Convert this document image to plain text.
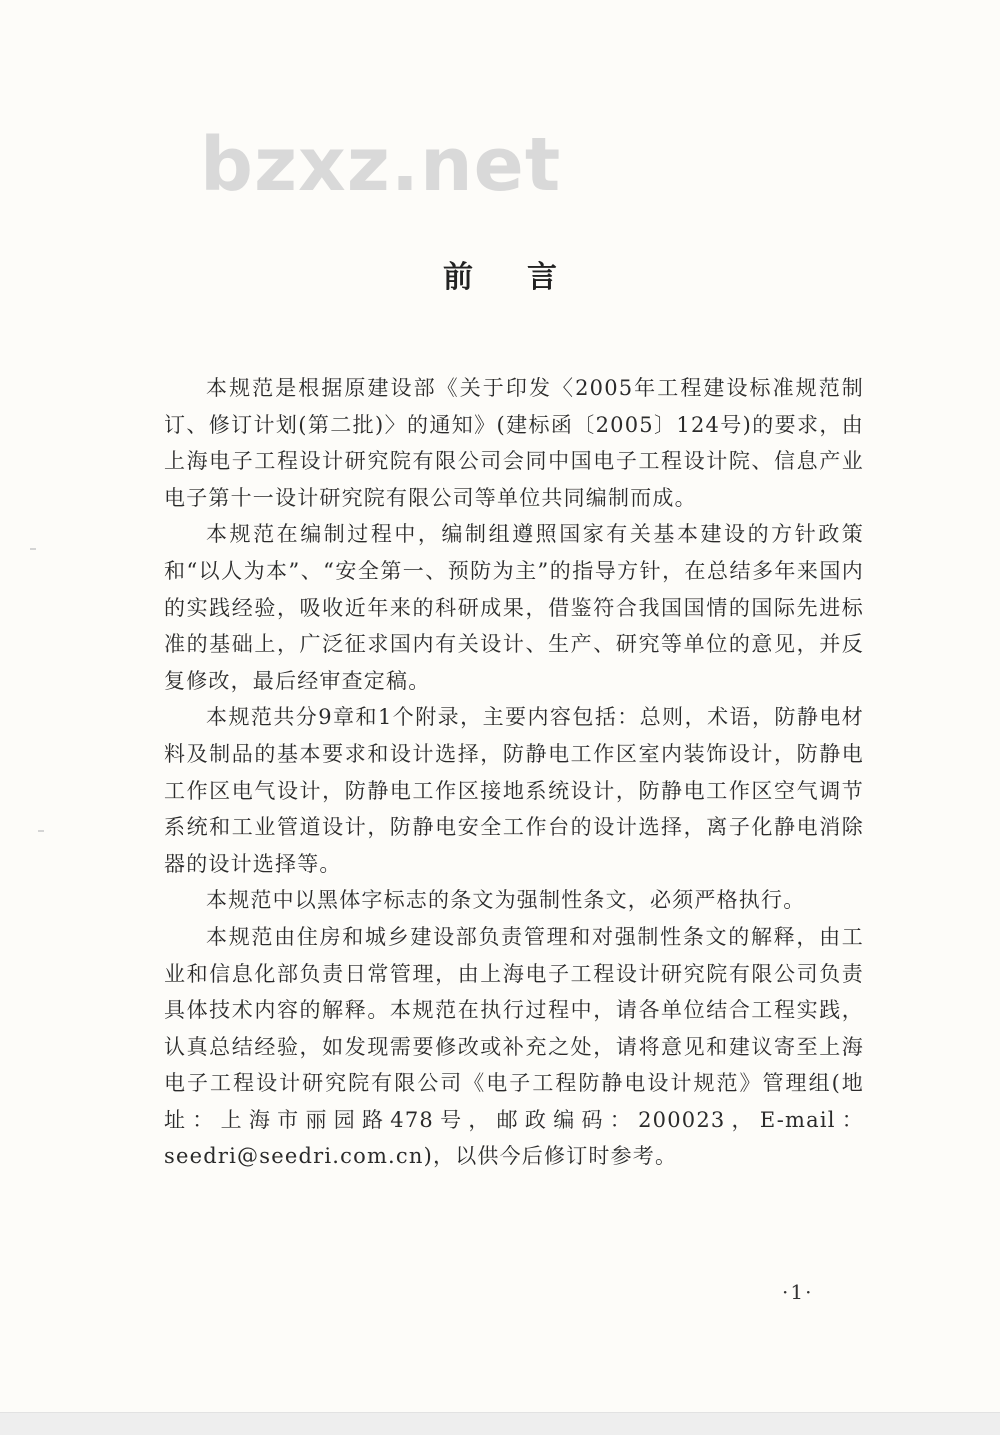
bzxz.net
前言

本规范是根据原建设部《关于印发〈2005年工程建设标准规范制订、修订计划(第二批)〉的通知》(建标函〔2005〕124号)的要求，由上海电子工程设计研究院有限公司会同中国电子工程设计院、信息产业电子第十一设计研究院有限公司等单位共同编制而成。

本规范在编制过程中，编制组遵照国家有关基本建设的方针政策和“以人为本”、“安全第一、预防为主”的指导方针，在总结多年来国内的实践经验，吸收近年来的科研成果，借鉴符合我国国情的国际先进标准的基础上，广泛征求国内有关设计、生产、研究等单位的意见，并反复修改，最后经审查定稿。

本规范共分9章和1个附录，主要内容包括：总则，术语，防静电材料及制品的基本要求和设计选择，防静电工作区室内装饰设计，防静电工作区电气设计，防静电工作区接地系统设计，防静电工作区空气调节系统和工业管道设计，防静电安全工作台的设计选择，离子化静电消除器的设计选择等。

本规范中以黑体字标志的条文为强制性条文，必须严格执行。

本规范由住房和城乡建设部负责管理和对强制性条文的解释，由工业和信息化部负责日常管理，由上海电子工程设计研究院有限公司负责具体技术内容的解释。本规范在执行过程中，请各单位结合工程实践，认真总结经验，如发现需要修改或补充之处，请将意见和建议寄至上海电子工程设计研究院有限公司《电子工程防静电设计规范》管理组(地址：上海市丽园路478号，邮政编码：200023，E-mail：seedri@seedri.com.cn)，以供今后修订时参考。

·1·
